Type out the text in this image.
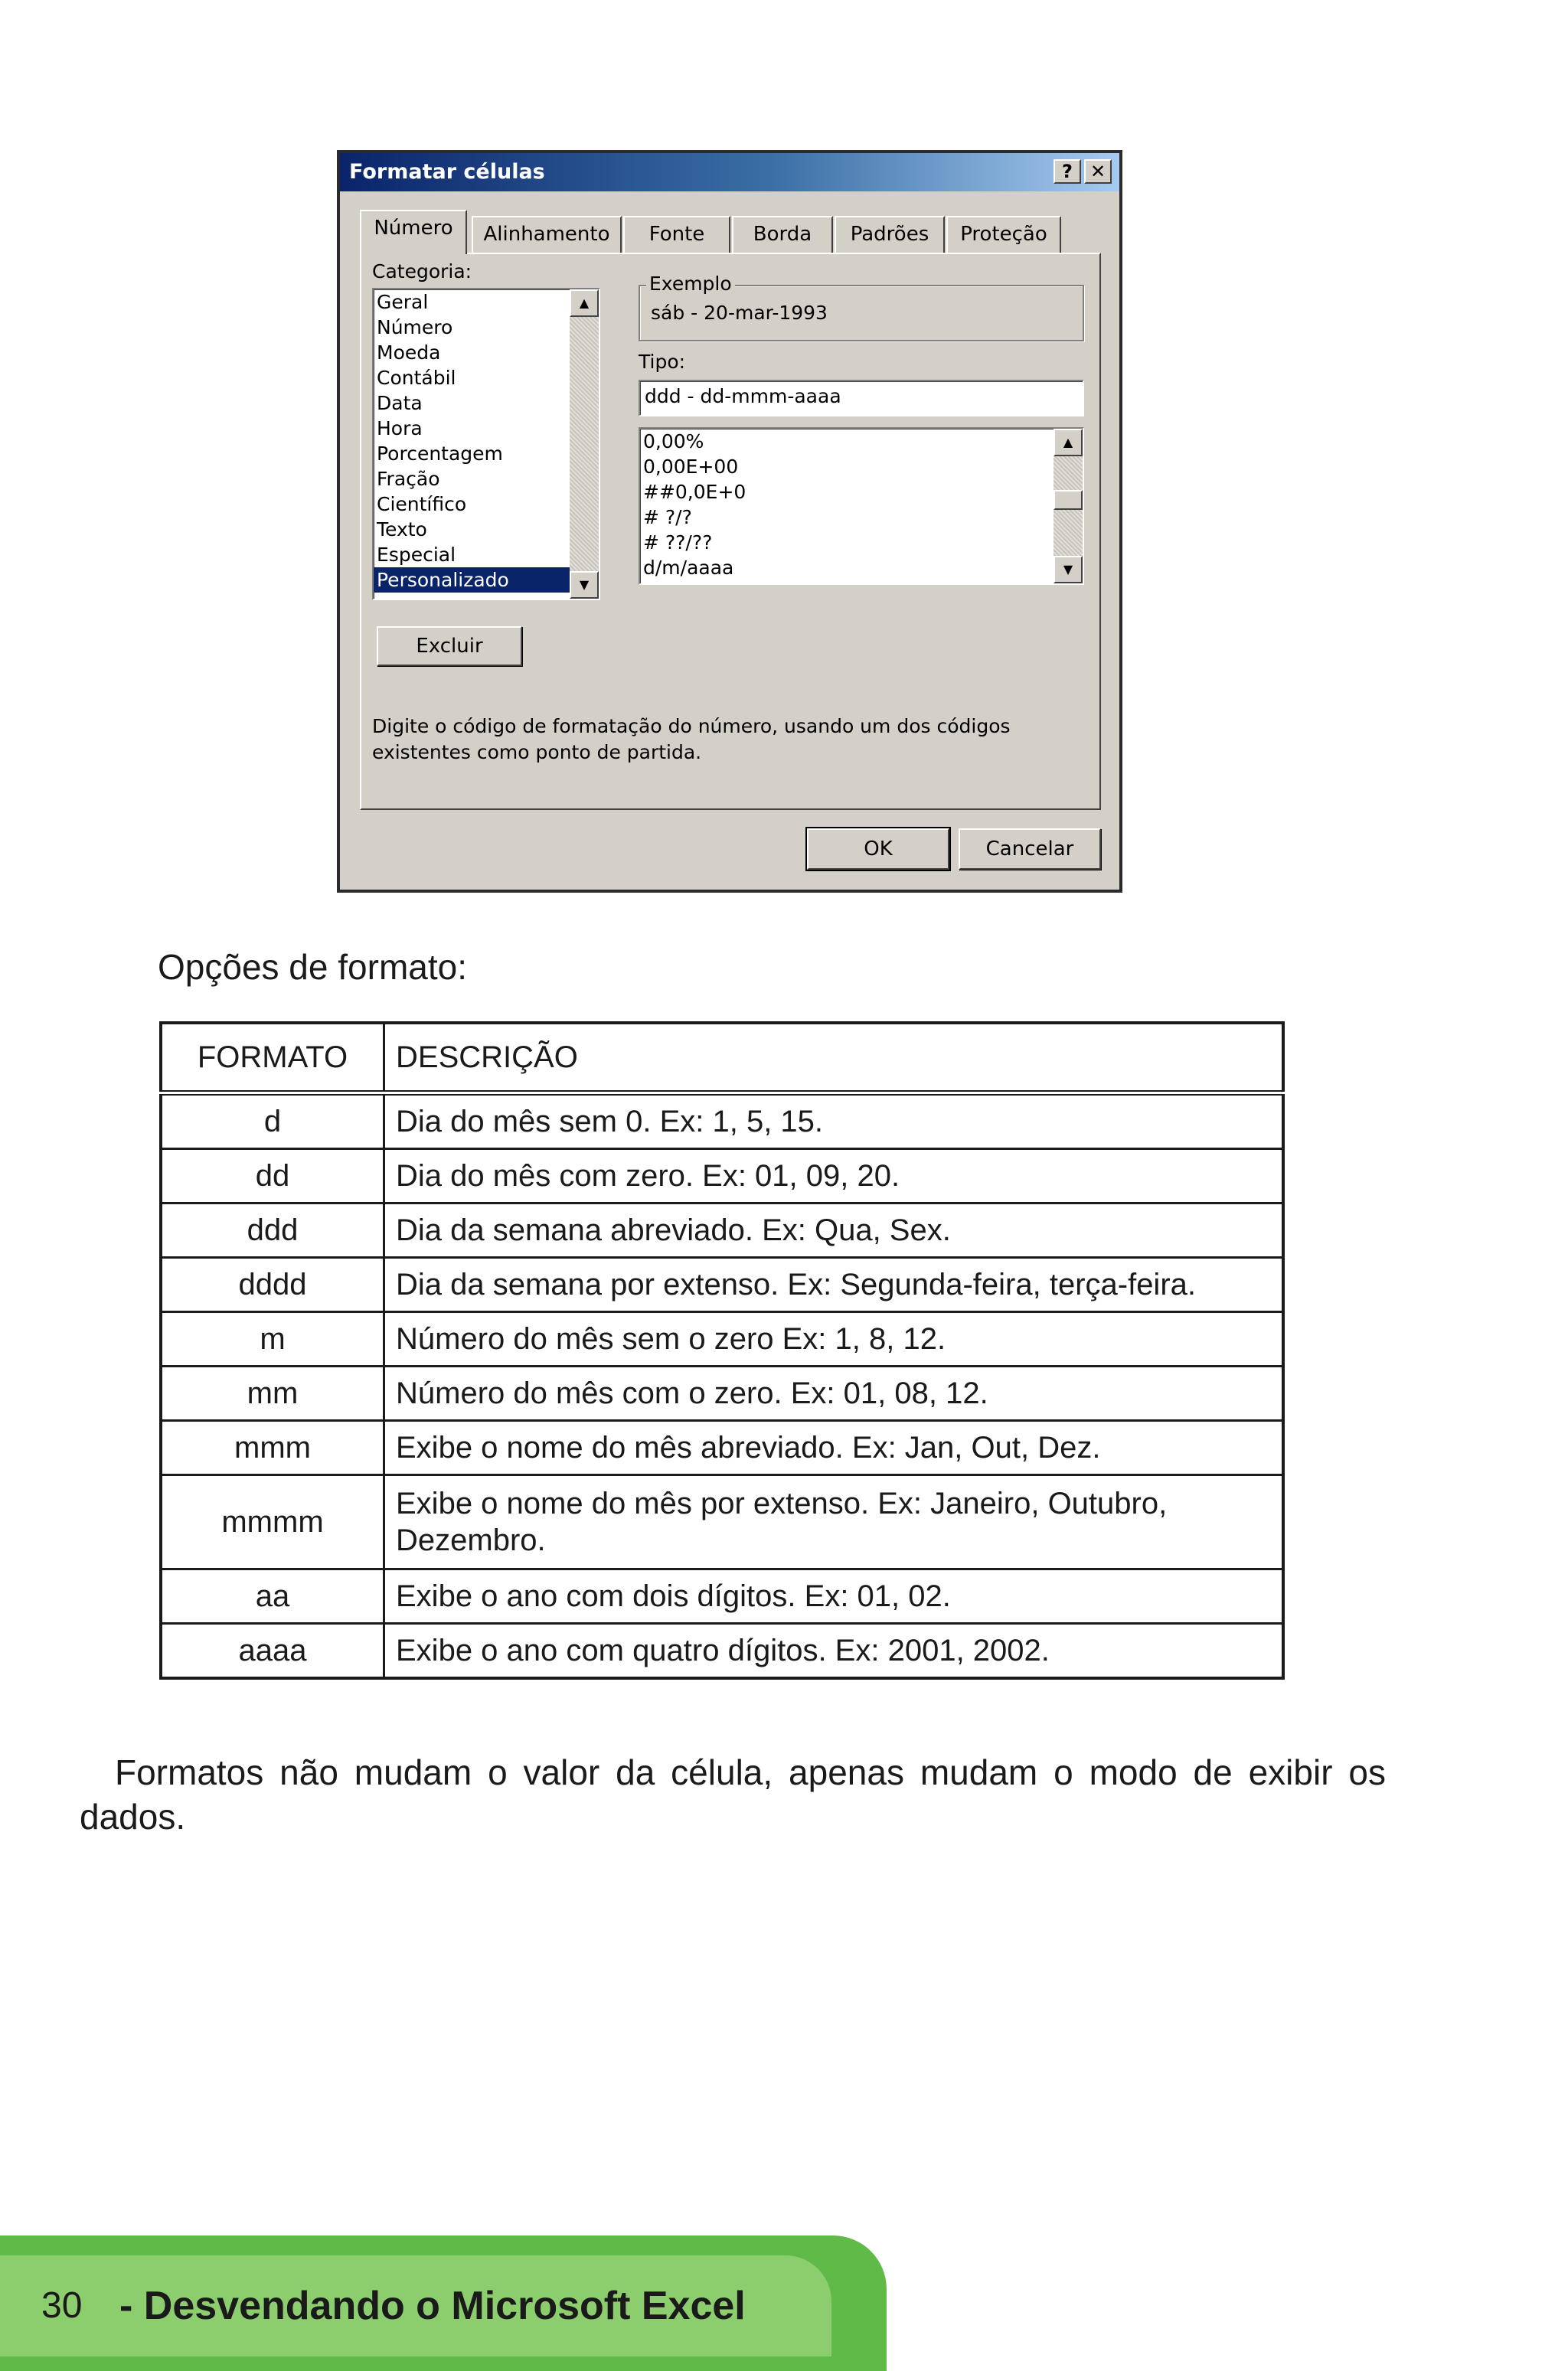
Formatar células	? ✕
Número	Alinhamento	Fonte	Borda	Padrões	Proteção
Categoria:
Geral
Número
Moeda
Contábil
Data
Hora
Porcentagem
Fração
Científico
Texto
Especial
Personalizado
▲
▼
Exemplo
sáb - 20-mar-1993
Tipo:
ddd - dd-mmm-aaaa
0,00%
0,00E+00
##0,0E+0
# ?/?
# ??/??
d/m/aaaa
▲
▼
Excluir
Digite o código de formatação do número, usando um dos códigos existentes como ponto de partida.
OK	Cancelar
Opções de formato:
FORMATO	DESCRIÇÃO
d	Dia do mês sem 0. Ex: 1, 5, 15.
dd	Dia do mês com zero. Ex: 01, 09, 20.
ddd	Dia da semana abreviado. Ex: Qua, Sex.
dddd	Dia da semana por extenso. Ex: Segunda-feira, terça-feira.
m	Número do mês sem o zero Ex: 1, 8, 12.
mm	Número do mês com o zero. Ex: 01, 08, 12.
mmm	Exibe o nome do mês abreviado. Ex: Jan, Out, Dez.
mmmm	Exibe o nome do mês por extenso. Ex: Janeiro, Outubro, Dezembro.
aa	Exibe o ano com dois dígitos. Ex: 01, 02.
aaaa	Exibe o ano com quatro dígitos. Ex: 2001, 2002.
Formatos não mudam o valor da célula, apenas mudam o modo de exibir os dados.
30 - Desvendando o Microsoft Excel
